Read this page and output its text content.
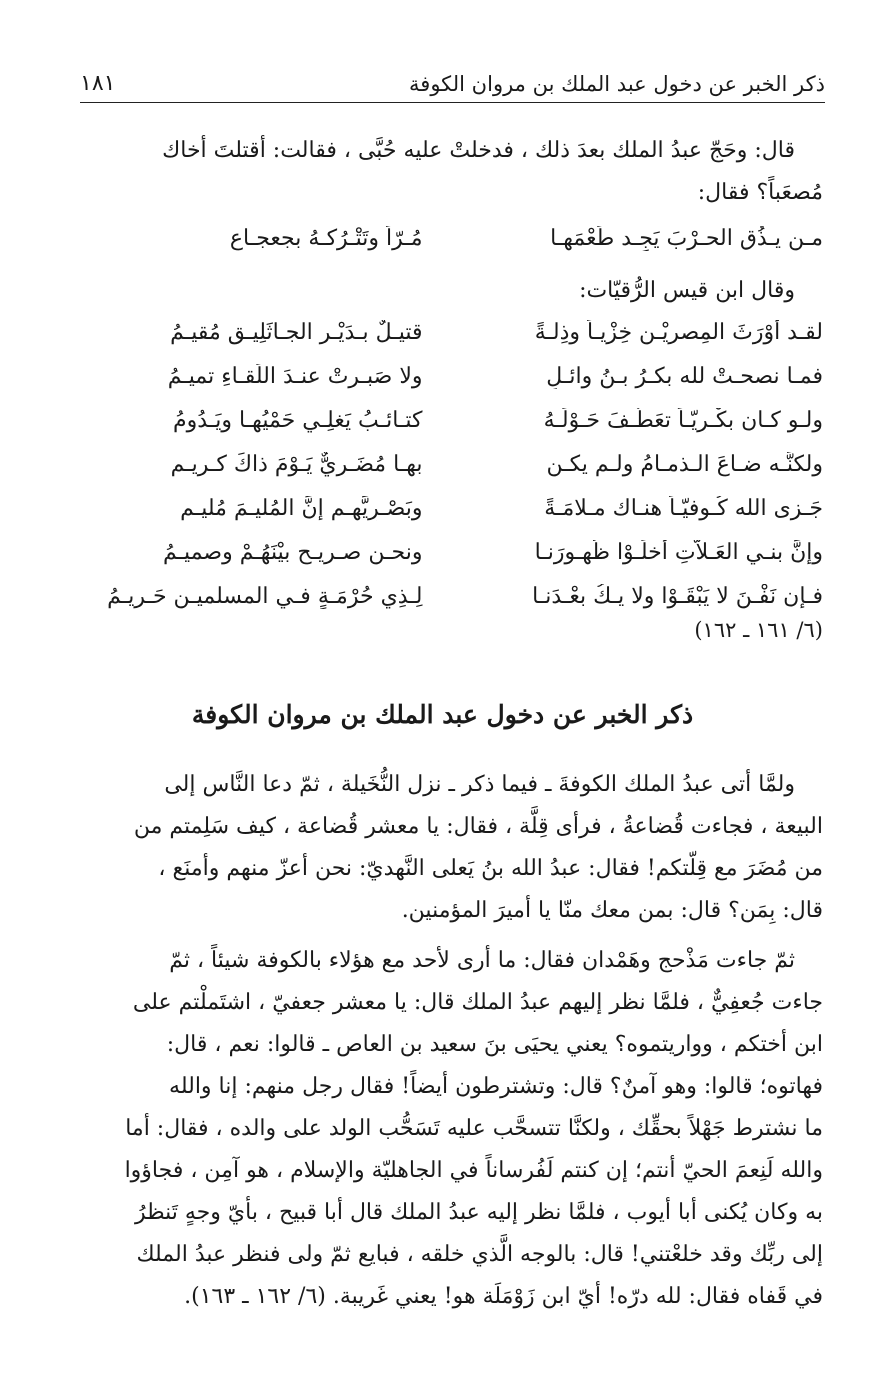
ذكر الخبر عن دخول عبد الملك بن مروان الكوفة
١٨١

قال: وحَجّ عبدُ الملك بعدَ ذلك ، فدخلتْ عليه حُبَّى ، فقالت: أقتلتَ أخاك

مُصعَباً؟ فقال:

مـن يـذُقِ الحـرْبَ يَجِـد طَعْمَهـا
مُـرّاً وتَتْـرُكـهُ بجعجـاعِ

وقال ابن قيس الرُّقيّات:

لقـد أوْرَثَ المِصريْـنِ خِزْيـاً وذِلـةً
قتيـلٌ بـدَيْـر الجـاثَلِيـقِ مُقيـمُ
فمـا نصحـتْ لله بكـرُ بـنُ وائـلٍ
ولا صَبـرتْ عنـدَ اللِّقـاءِ تميـمُ
ولـو كـان بكْـرِيّـاً تعَطَّـفَ حَـوْلَـهُ
كتـائـبُ يَغلِـي حَمْيُهـا ويَـدُومُ
ولكنَّـه ضـاعَ الـذمـامُ ولـم يكـن
بهـا مُضَـرِيٌّ يَـوْمَ ذاكَ كـريـم
جَـزى الله كُـوفيّـاً هنـاك مـلامَـةً
وبَصْـرِيَّهـم إنَّ المُليـمَ مُليـم
وإنَّ بنـي العَـلاَّتِ أخلَـوْا ظُهـورَنـا
ونحـن صـريـح بيْنَهُـمْ وصميـمُ
فـإن نَفْـنَ لا يَبْقَـوْا ولا يـكُ بعْـدَنـا
لِـذِي حُرْمَـةٍ فـي المسلميـن حَـريـمُ
(٦/ ١٦١ ـ ١٦٢)
ذكر الخبر عن دخول عبد الملك بن مروان الكوفة

ولمَّا أتى عبدُ الملك الكوفةَ ـ فيما ذكر ـ نزل النُّخَيلة ، ثمّ دعا النَّاس إلى

البيعة ، فجاءت قُضاعةُ ، فرأى قِلَّة ، فقال: يا معشر قُضاعة ، كيف سَلِمتم من

من مُضَرَ مع قِلّتكم! فقال: عبدُ الله بنُ يَعلى النَّهديّ: نحن أعزّ منهم وأمنَع ،

قال: بِمَن؟ قال: بمن معك منّا يا أميرَ المؤمنين.

ثمّ جاءت مَذْحج وهَمْدان فقال: ما أرى لأحد مع هؤلاء بالكوفة شيئاً ، ثمّ

جاءت جُعفِيٌّ ، فلمَّا نظر إليهم عبدُ الملك قال: يا معشر جعفيّ ، اشتَملْتم على

ابن أختكم ، وواريتموه؟ يعني يحيَى بنَ سعيد بن العاص ـ قالوا: نعم ، قال:

فهاتوه؛ قالوا: وهو آمنٌ؟ قال: وتشترطون أيضاً! فقال رجل منهم: إنا والله

ما نشترط جَهْلاً بحقِّك ، ولكنَّا تتسحَّب عليه تَسَحُّب الولد على والده ، فقال: أما

والله لَنِعمَ الحيّ أنتم؛ إن كنتم لَفُرساناً في الجاهليّة والإسلام ، هو آمِن ، فجاؤوا

به وكان يُكنى أبا أيوب ، فلمَّا نظر إليه عبدُ الملك قال أبا قبيح ، بأيّ وجهٍ تَنظرُ

إلى ربِّك وقد خلعْتني! قال: بالوجه الَّذي خلقه ، فبايع ثمّ ولى فنظر عبدُ الملك

في قَفاه فقال: لله درّه! أيّ ابن زَوْمَلَة هو! يعني غَريبة. (٦/ ١٦٢ ـ ١٦٣).
